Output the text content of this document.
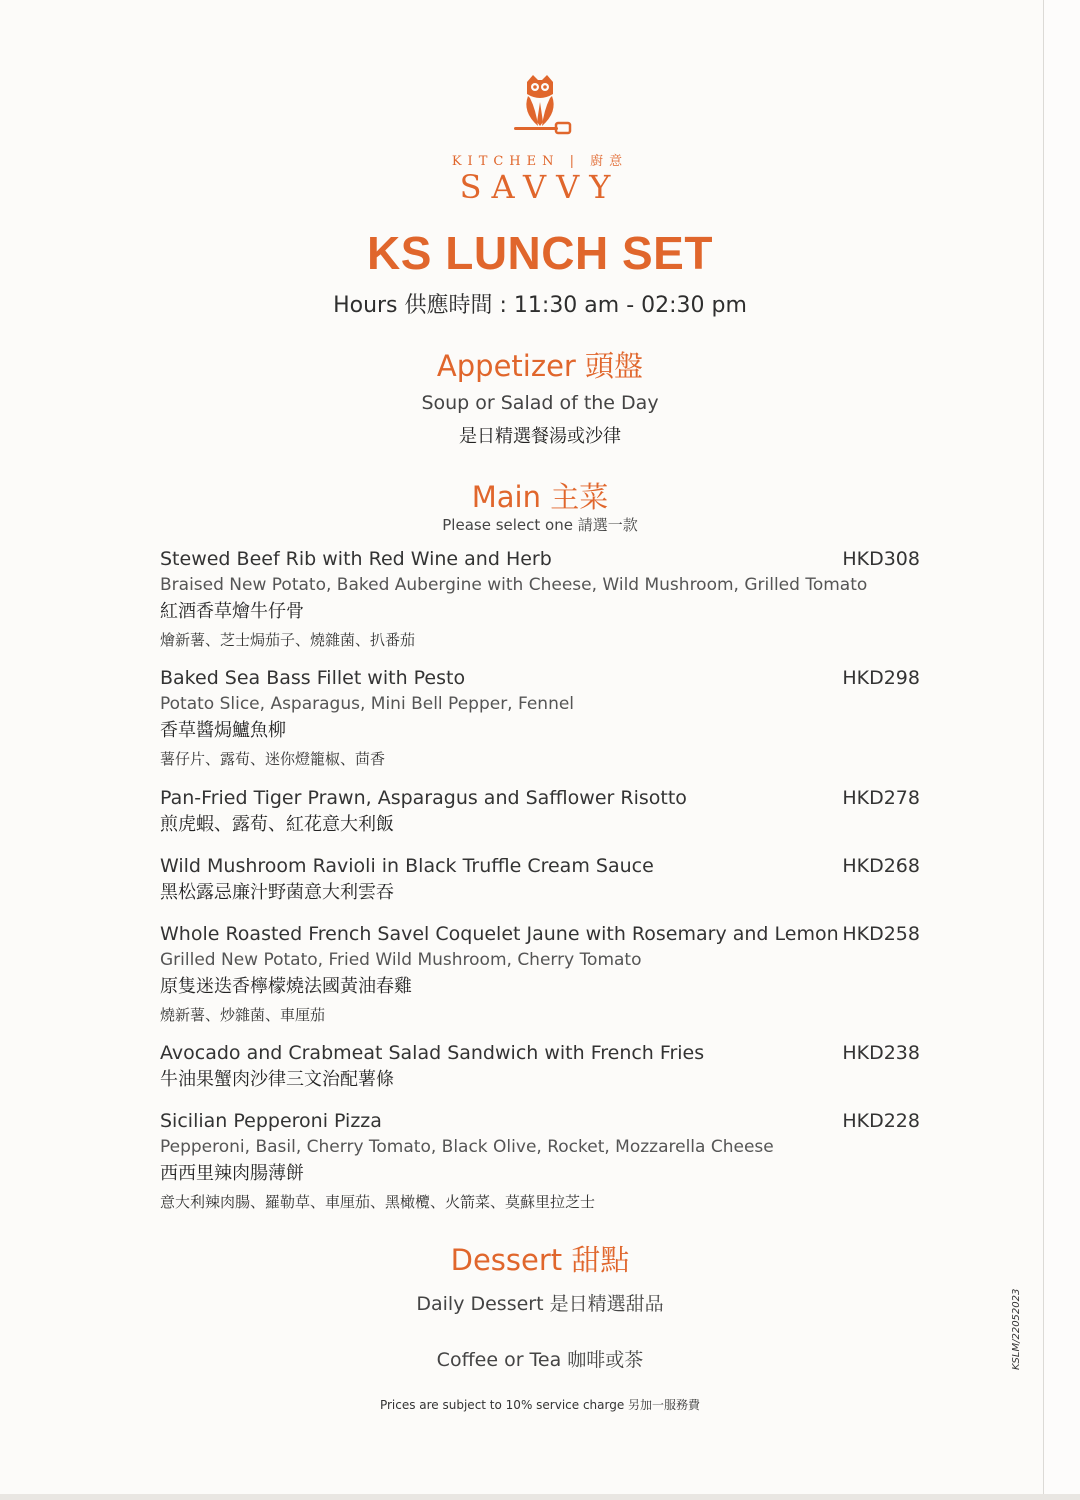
KITCHEN | 廚意
SAVVY
KS LUNCH SET
Hours 供應時間 : 11:30 am - 02:30 pm
Appetizer 頭盤
Soup or Salad of the Day
是日精選餐湯或沙律
Main 主菜
Please select one 請選一款
Stewed Beef Rib with Red Wine and Herb	HKD308
Braised New Potato, Baked Aubergine with Cheese, Wild Mushroom, Grilled Tomato
紅酒香草燴牛仔骨
燴新薯、芝士焗茄子、燒雜菌、扒番茄
Baked Sea Bass Fillet with Pesto	HKD298
Potato Slice, Asparagus, Mini Bell Pepper, Fennel
香草醬焗鱸魚柳
薯仔片、露荀、迷你燈籠椒、茴香
Pan-Fried Tiger Prawn, Asparagus and Safflower Risotto	HKD278
煎虎蝦、露荀、紅花意大利飯
Wild Mushroom Ravioli in Black Truffle Cream Sauce	HKD268
黑松露忌廉汁野菌意大利雲吞
Whole Roasted French Savel Coquelet Jaune with Rosemary and Lemon HKD258
Grilled New Potato, Fried Wild Mushroom, Cherry Tomato
原隻迷迭香檸檬燒法國黃油春雞
燒新薯、炒雜菌、車厘茄
Avocado and Crabmeat Salad Sandwich with French Fries	HKD238
牛油果蟹肉沙律三文治配薯條
Sicilian Pepperoni Pizza	HKD228
Pepperoni, Basil, Cherry Tomato, Black Olive, Rocket, Mozzarella Cheese
西西里辣肉腸薄餅
意大利辣肉腸、羅勒草、車厘茄、黑橄欖、火箭菜、莫蘇里拉芝士
Dessert 甜點
Daily Dessert 是日精選甜品
Coffee or Tea 咖啡或茶
Prices are subject to 10% service charge 另加一服務費
KSLM/22052023
